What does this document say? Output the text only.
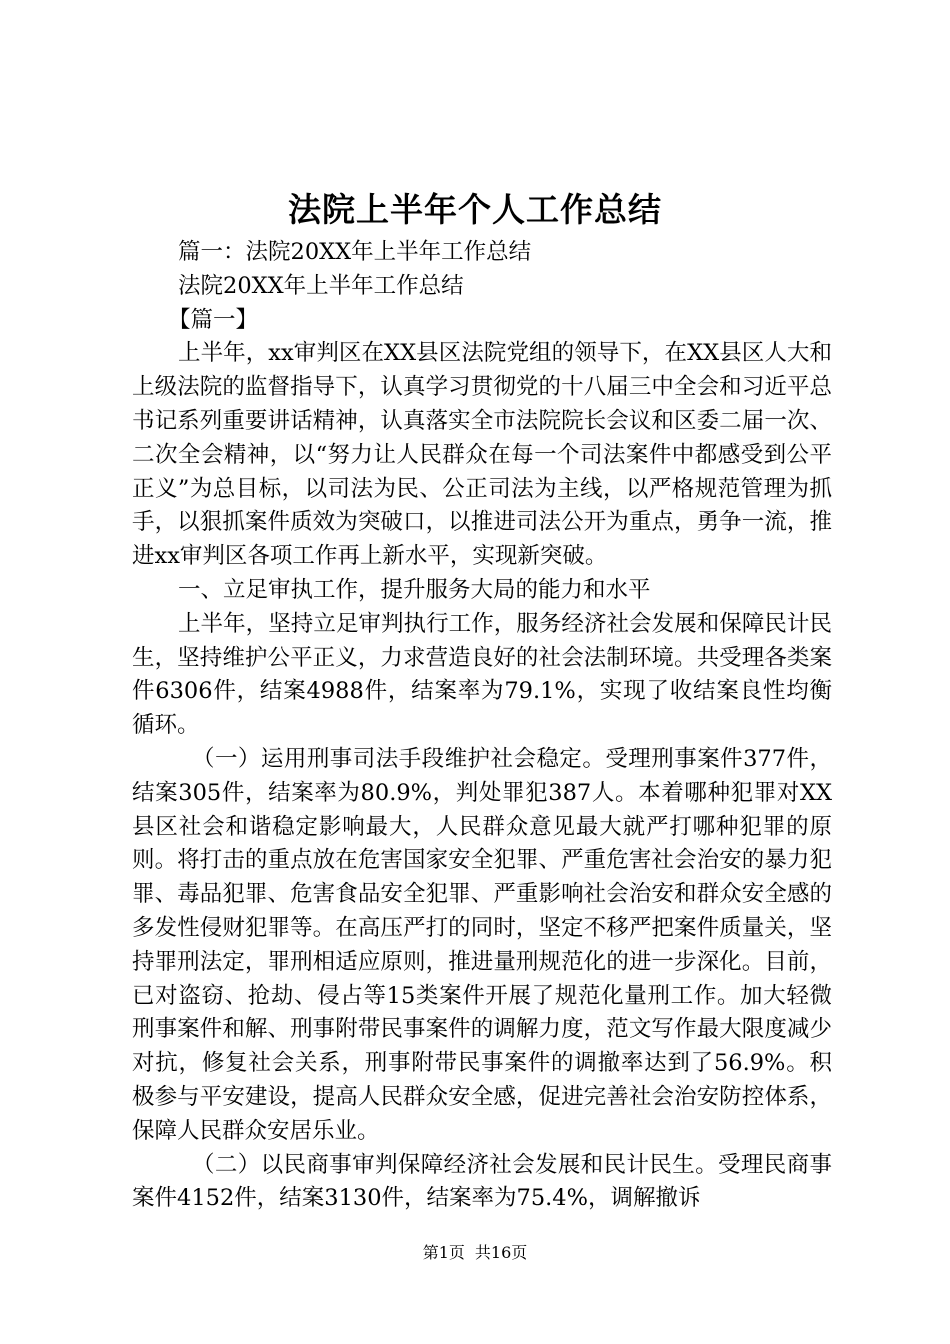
法院上半年个人工作总结

篇一：法院20XX年上半年工作总结

法院20XX年上半年工作总结

【篇一】

上半年，xx审判区在XX县区法院党组的领导下，在XX县区人大和上级法院的监督指导下，认真学习贯彻党的十八届三中全会和习近平总书记系列重要讲话精神，认真落实全市法院院长会议和区委二届一次、二次全会精神，以“努力让人民群众在每一个司法案件中都感受到公平正义”为总目标，以司法为民、公正司法为主线，以严格规范管理为抓手，以狠抓案件质效为突破口，以推进司法公开为重点，勇争一流，推进xx审判区各项工作再上新水平，实现新突破。

一、立足审执工作，提升服务大局的能力和水平

上半年，坚持立足审判执行工作，服务经济社会发展和保障民计民生，坚持维护公平正义，力求营造良好的社会法制环境。共受理各类案件6306件，结案4988件，结案率为79.1%，实现了收结案良性均衡循环。

（一）运用刑事司法手段维护社会稳定。受理刑事案件377件，结案305件，结案率为80.9%，判处罪犯387人。本着哪种犯罪对XX县区社会和谐稳定影响最大，人民群众意见最大就严打哪种犯罪的原则。将打击的重点放在危害国家安全犯罪、严重危害社会治安的暴力犯罪、毒品犯罪、危害食品安全犯罪、严重影响社会治安和群众安全感的多发性侵财犯罪等。在高压严打的同时，坚定不移严把案件质量关，坚持罪刑法定，罪刑相适应原则，推进量刑规范化的进一步深化。目前，已对盗窃、抢劫、侵占等15类案件开展了规范化量刑工作。加大轻微刑事案件和解、刑事附带民事案件的调解力度，范文写作最大限度减少对抗，修复社会关系，刑事附带民事案件的调撤率达到了56.9%。积极参与平安建设，提高人民群众安全感，促进完善社会治安防控体系，保障人民群众安居乐业。

（二）以民商事审判保障经济社会发展和民计民生。受理民商事案件4152件，结案3130件，结案率为75.4%，调解撤诉

第1页 共16页
